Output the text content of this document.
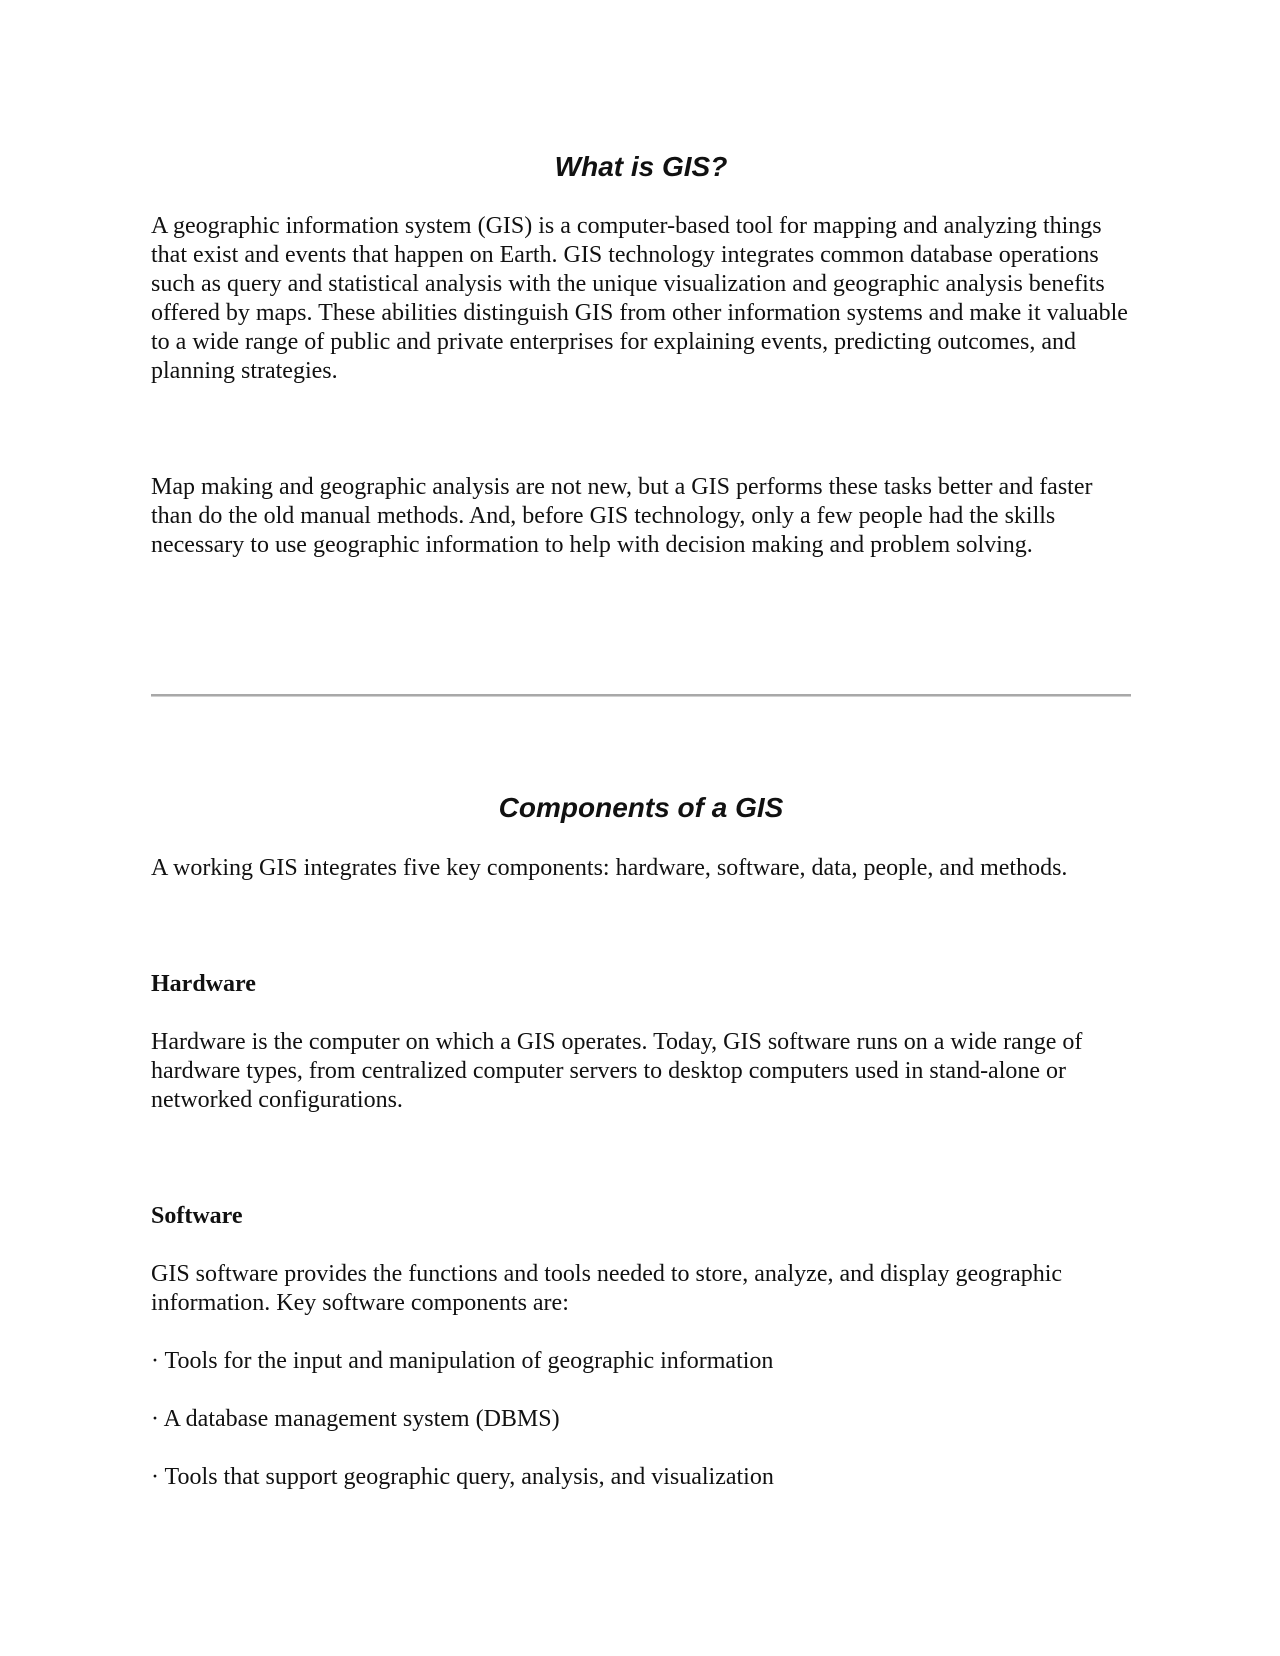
What is GIS?

A geographic information system (GIS) is a computer-based tool for mapping and analyzing things that exist and events that happen on Earth. GIS technology integrates common database operations such as query and statistical analysis with the unique visualization and geographic analysis benefits offered by maps. These abilities distinguish GIS from other information systems and make it valuable to a wide range of public and private enterprises for explaining events, predicting outcomes, and planning strategies.

Map making and geographic analysis are not new, but a GIS performs these tasks better and faster than do the old manual methods. And, before GIS technology, only a few people had the skills necessary to use geographic information to help with decision making and problem solving.

Components of a GIS

A working GIS integrates five key components: hardware, software, data, people, and methods.

Hardware

Hardware is the computer on which a GIS operates. Today, GIS software runs on a wide range of hardware types, from centralized computer servers to desktop computers used in stand-alone or networked configurations.

Software

GIS software provides the functions and tools needed to store, analyze, and display geographic information. Key software components are:

· Tools for the input and manipulation of geographic information

· A database management system (DBMS)

· Tools that support geographic query, analysis, and visualization
